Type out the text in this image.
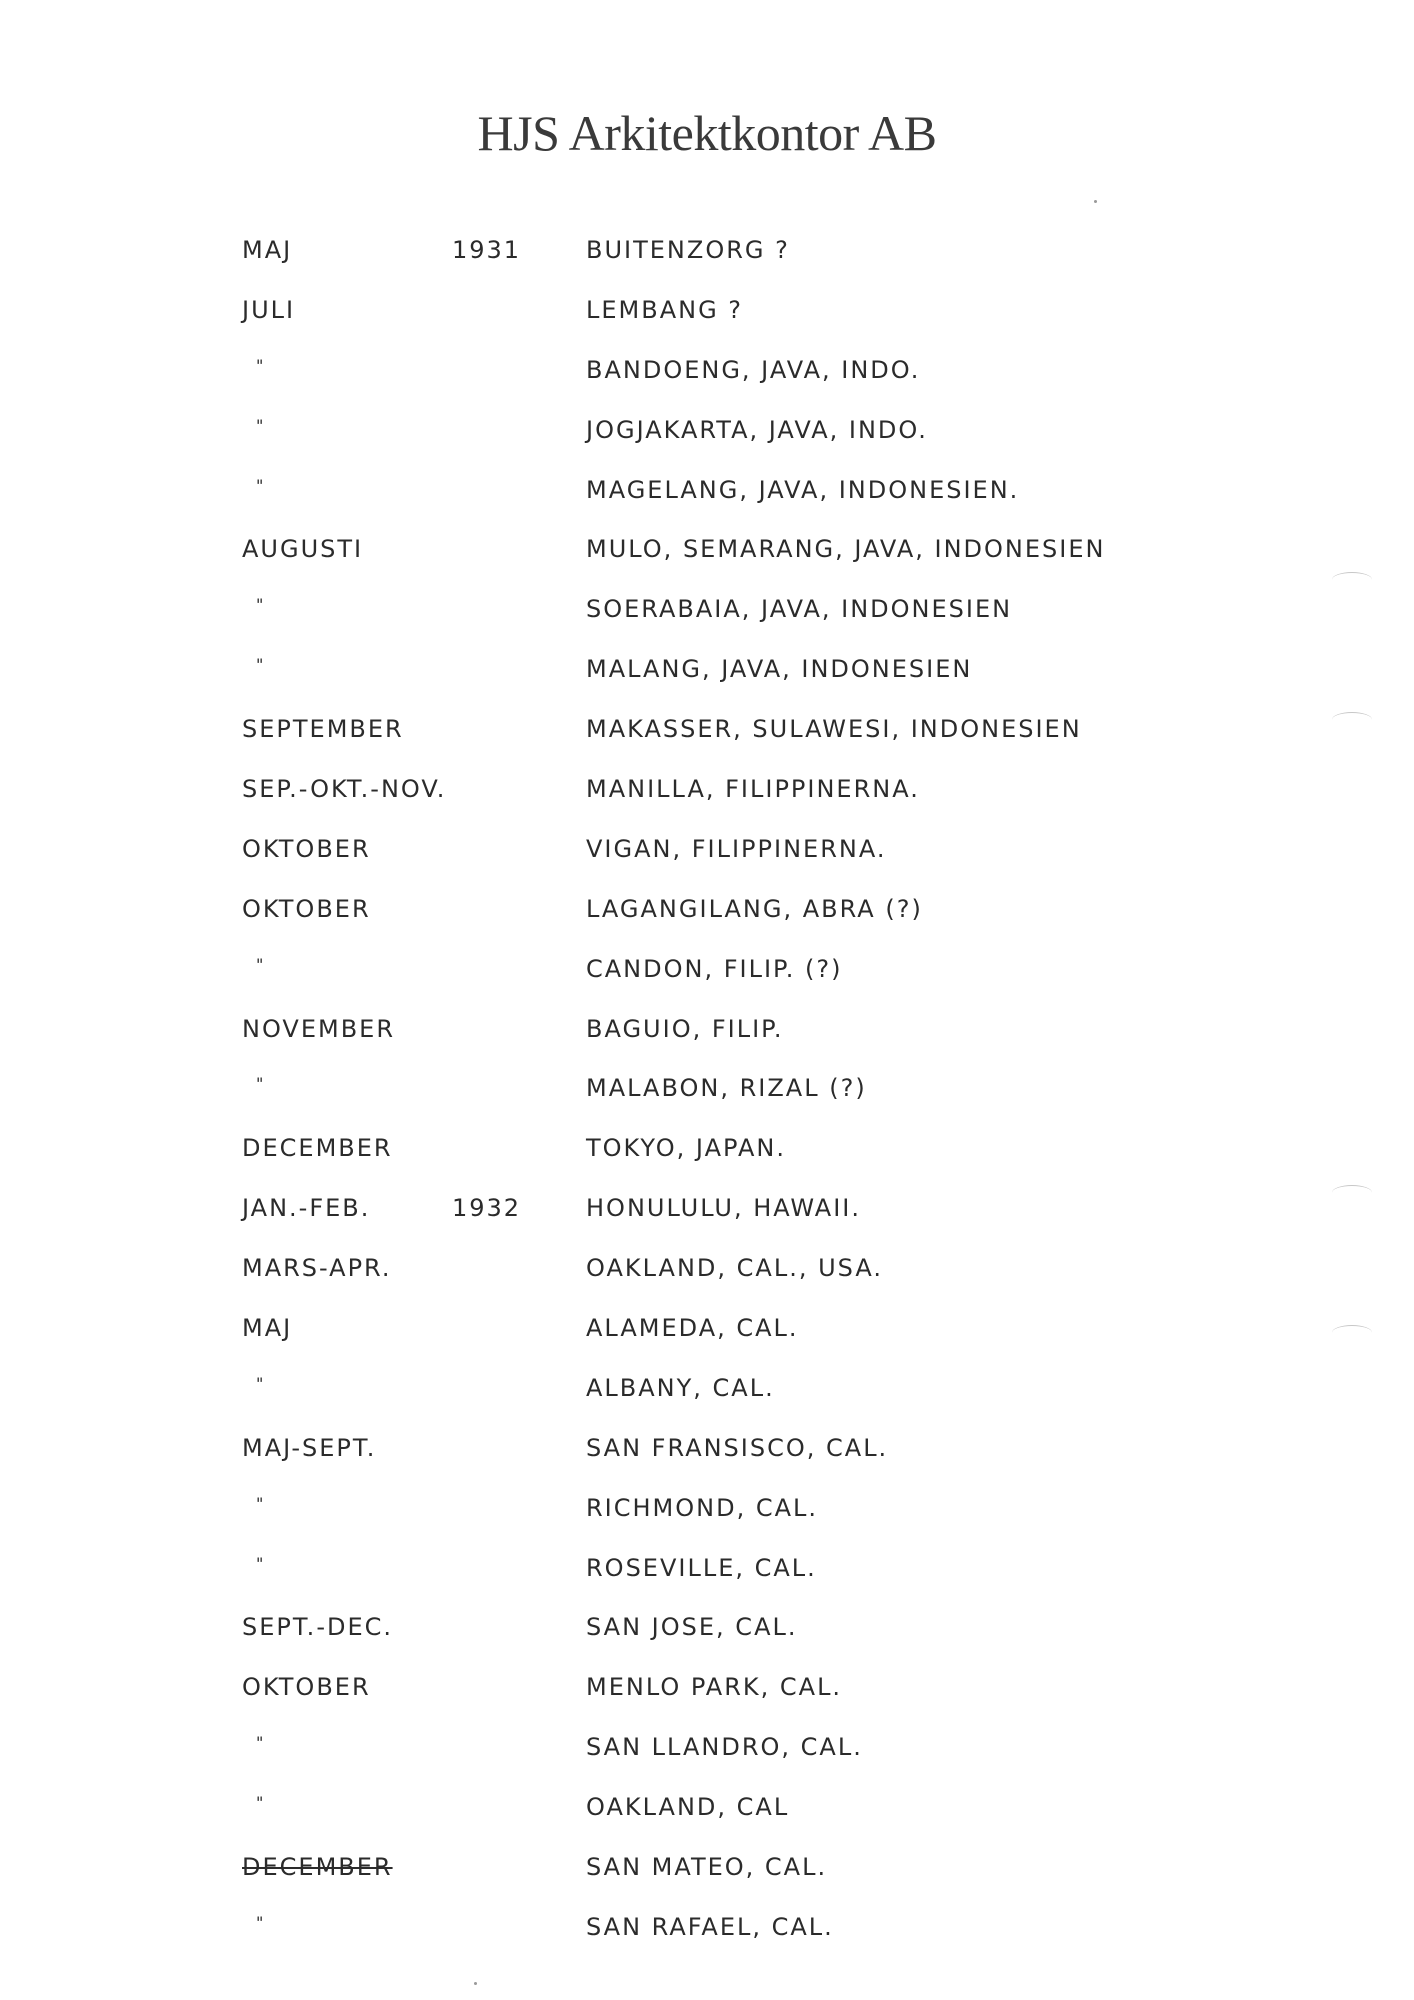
HJS Arkitektkontor AB
MAJ	1931	BUITENZORG ?
JULI	LEMBANG ?
"	BANDOENG, JAVA, INDO.
"	JOGJAKARTA, JAVA, INDO.
"	MAGELANG, JAVA, INDONESIEN.
AUGUSTI	MULO, SEMARANG, JAVA, INDONESIEN
"	SOERABAIA, JAVA, INDONESIEN
"	MALANG, JAVA, INDONESIEN
SEPTEMBER	MAKASSER, SULAWESI, INDONESIEN
SEP.-OKT.-NOV.	MANILLA, FILIPPINERNA.
OKTOBER	VIGAN, FILIPPINERNA.
OKTOBER	LAGANGILANG, ABRA (?)
"	CANDON, FILIP. (?)
NOVEMBER	BAGUIO, FILIP.
"	MALABON, RIZAL (?)
DECEMBER	TOKYO, JAPAN.
JAN.-FEB.	1932	HONULULU, HAWAII.
MARS-APR.	OAKLAND, CAL., USA.
MAJ	ALAMEDA, CAL.
"	ALBANY, CAL.
MAJ-SEPT.	SAN FRANSISCO, CAL.
"	RICHMOND, CAL.
"	ROSEVILLE, CAL.
SEPT.-DEC.	SAN JOSE, CAL.
OKTOBER	MENLO PARK, CAL.
"	SAN LLANDRO, CAL.
"	OAKLAND, CAL
DECEMBER	SAN MATEO, CAL.
"	SAN RAFAEL, CAL.
